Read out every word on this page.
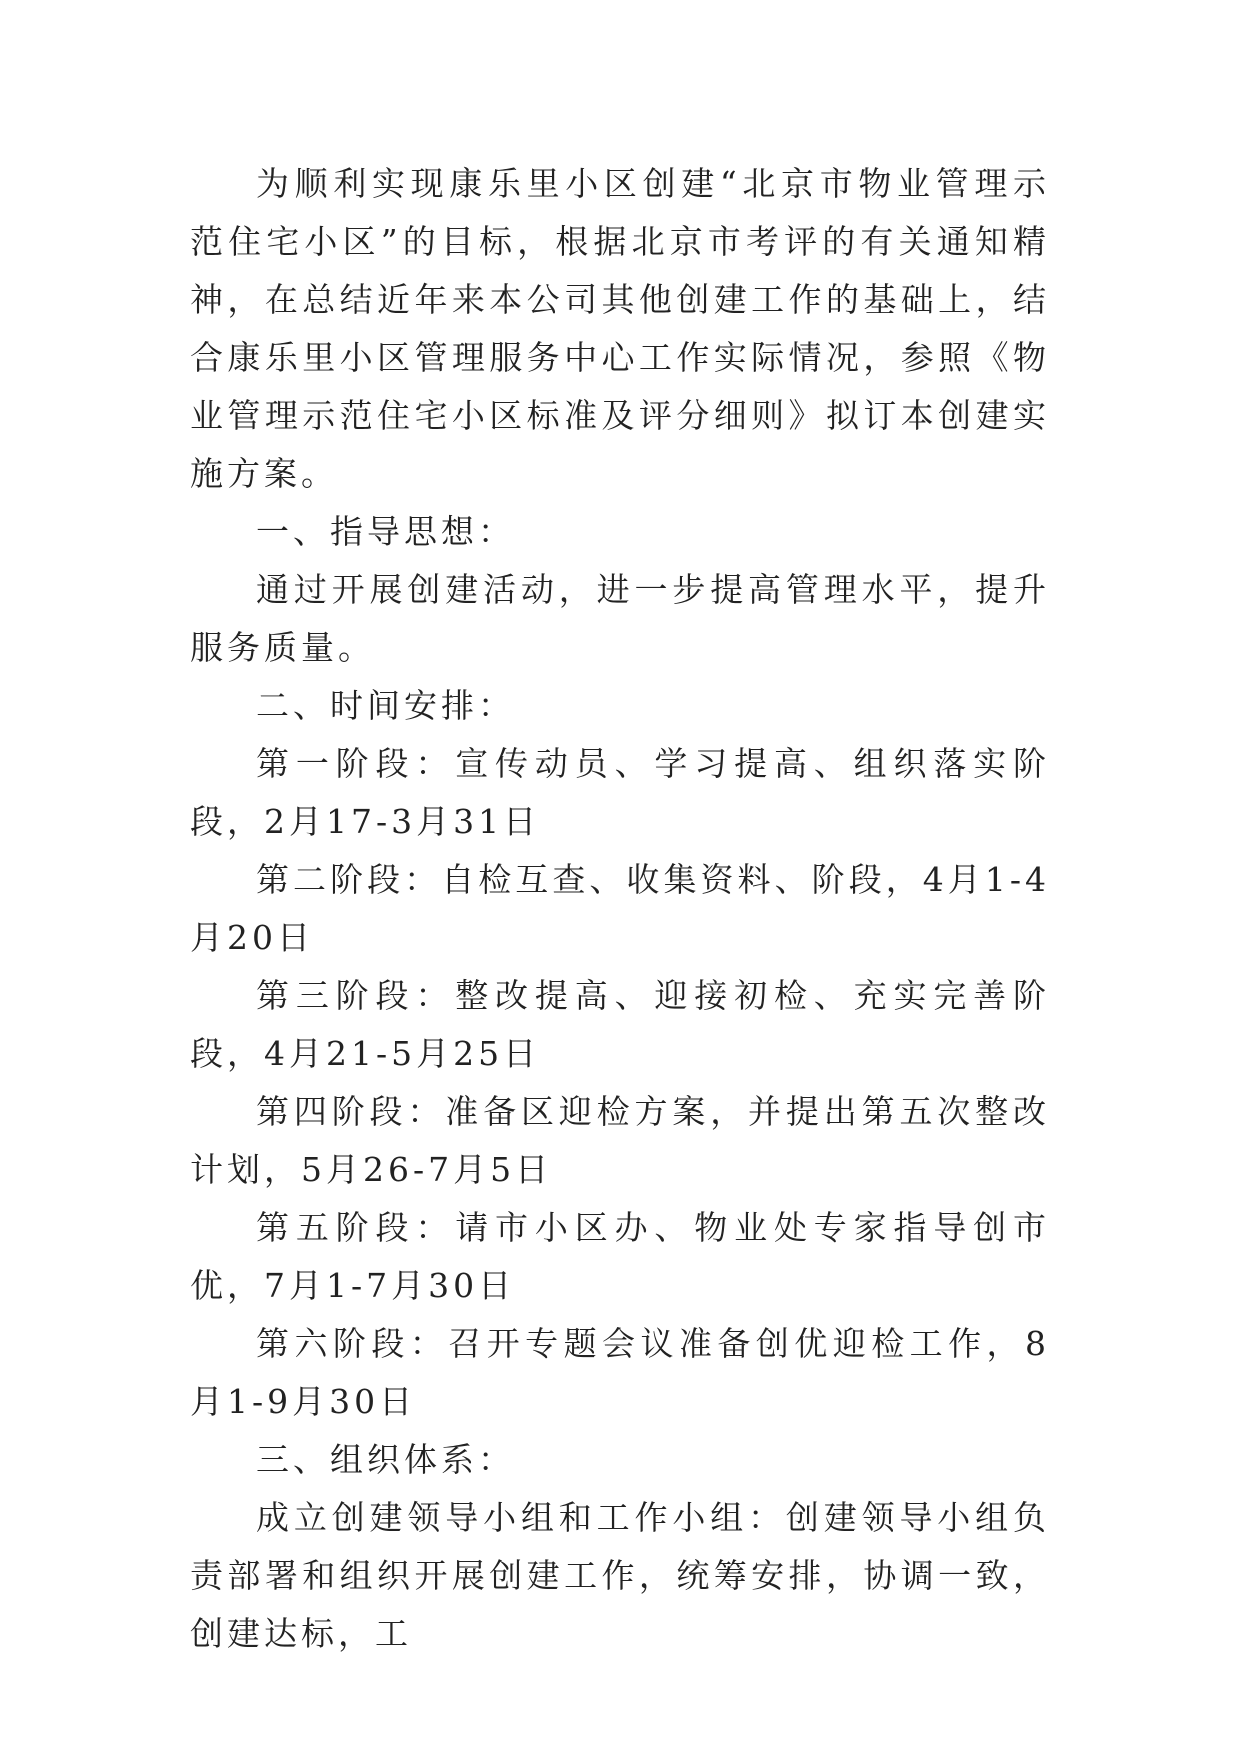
为顺利实现康乐里小区创建“北京市物业管理示范住宅小区”的目标，根据北京市考评的有关通知精神，在总结近年来本公司其他创建工作的基础上，结合康乐里小区管理服务中心工作实际情况，参照《物业管理示范住宅小区标准及评分细则》拟订本创建实施方案。

一、指导思想：

通过开展创建活动，进一步提高管理水平，提升服务质量。

二、时间安排：

第一阶段：宣传动员、学习提高、组织落实阶段，2月17-3月31日

第二阶段：自检互查、收集资料、阶段，4月1-4月20日

第三阶段：整改提高、迎接初检、充实完善阶段，4月21-5月25日

第四阶段：准备区迎检方案，并提出第五次整改计划，5月26-7月5日

第五阶段：请市小区办、物业处专家指导创市优，7月1-7月30日

第六阶段：召开专题会议准备创优迎检工作，8月1-9月30日

三、组织体系：

成立创建领导小组和工作小组：创建领导小组负责部署和组织开展创建工作，统筹安排，协调一致，创建达标，工
